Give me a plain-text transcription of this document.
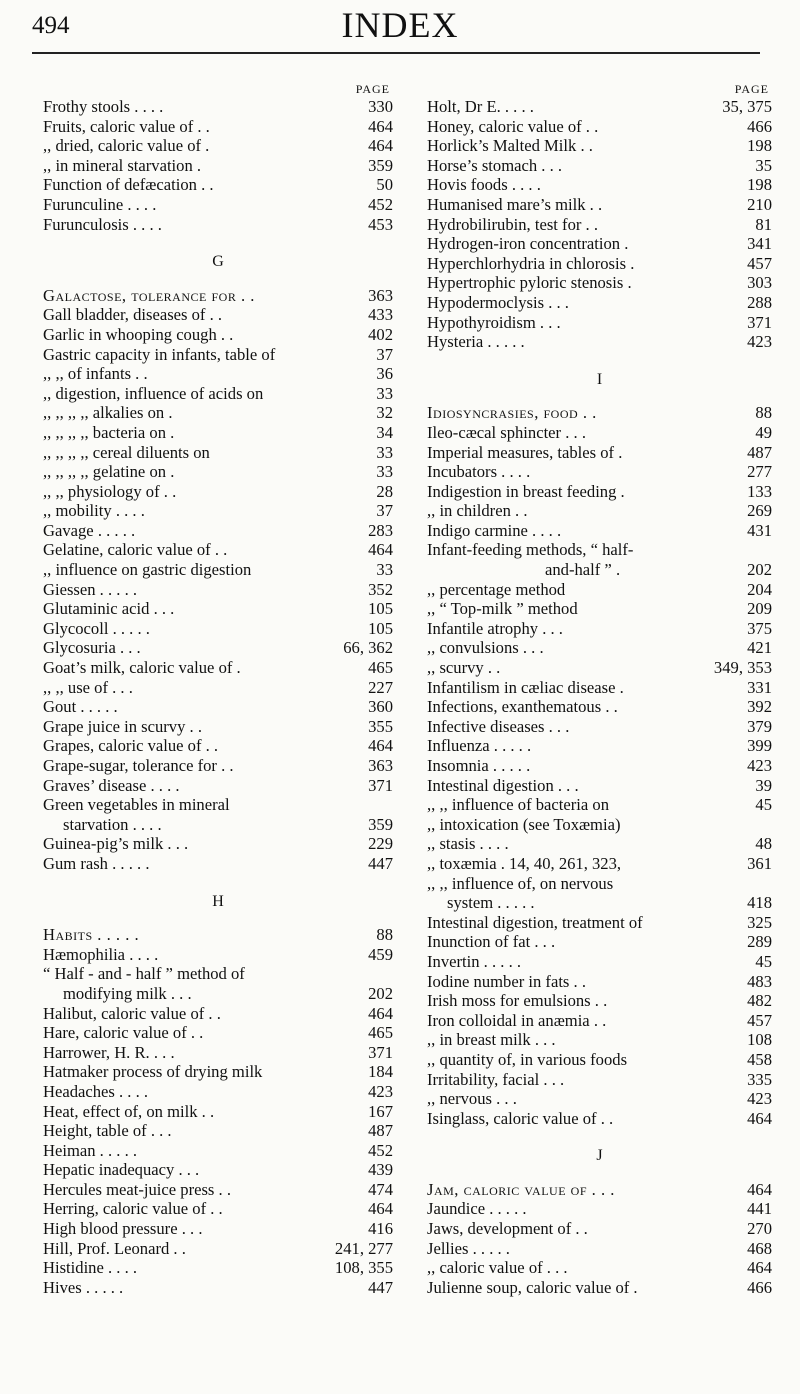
494	INDEX
PAGE
Frothy stools . . . .	330
Fruits, caloric value of . .	464
,, dried, caloric value of .	464
,, in mineral starvation .	359
Function of defæcation . .	50
Furunculine . . . .	452
Furunculosis . . . .	453
G
Galactose, tolerance for . .	363
Gall bladder, diseases of . .	433
Garlic in whooping cough . .	402
Gastric capacity in infants, table of	37
,, ,, of infants . .	36
,, digestion, influence of acids on	33
,, ,, ,, ,, alkalies on .	32
,, ,, ,, ,, bacteria on .	34
,, ,, ,, ,, cereal diluents on	33
,, ,, ,, ,, gelatine on .	33
,, ,, physiology of . .	28
,, mobility . . . .	37
Gavage . . . . .	283
Gelatine, caloric value of . .	464
,, influence on gastric digestion	33
Giessen . . . . .	352
Glutaminic acid . . .	105
Glycocoll . . . . .	105
Glycosuria . . .	66, 362
Goat’s milk, caloric value of .	465
,, ,, use of . . .	227
Gout . . . . .	360
Grape juice in scurvy . .	355
Grapes, caloric value of . .	464
Grape-sugar, tolerance for . .	363
Graves’ disease . . . .	371
Green vegetables in mineral
starvation . . . .	359
Guinea-pig’s milk . . .	229
Gum rash . . . . .	447
H
Habits . . . . .	88
Hæmophilia . . . .	459
“ Half - and - half ” method of
modifying milk . . .	202
Halibut, caloric value of . .	464
Hare, caloric value of . .	465
Harrower, H. R. . . .	371
Hatmaker process of drying milk	184
Headaches . . . .	423
Heat, effect of, on milk . .	167
Height, table of . . .	487
Heiman . . . . .	452
Hepatic inadequacy . . .	439
Hercules meat-juice press . .	474
Herring, caloric value of . .	464
High blood pressure . . .	416
Hill, Prof. Leonard . .	241, 277
Histidine . . . .	108, 355
Hives . . . . .	447
PAGE
Holt, Dr E. . . . .	35, 375
Honey, caloric value of . .	466
Horlick’s Malted Milk . .	198
Horse’s stomach . . .	35
Hovis foods . . . .	198
Humanised mare’s milk . .	210
Hydrobilirubin, test for . .	81
Hydrogen-iron concentration .	341
Hyperchlorhydria in chlorosis .	457
Hypertrophic pyloric stenosis .	303
Hypodermoclysis . . .	288
Hypothyroidism . . .	371
Hysteria . . . . .	423
I
Idiosyncrasies, food . .	88
Ileo-cæcal sphincter . . .	49
Imperial measures, tables of .	487
Incubators . . . .	277
Indigestion in breast feeding .	133
,, in children . .	269
Indigo carmine . . . .	431
Infant-feeding methods, “ half-
and-half ” .	202
,, percentage method	204
,, “ Top-milk ” method	209
Infantile atrophy . . .	375
,, convulsions . . .	421
,, scurvy . .	349, 353
Infantilism in cæliac disease .	331
Infections, exanthematous . .	392
Infective diseases . . .	379
Influenza . . . . .	399
Insomnia . . . . .	423
Intestinal digestion . . .	39
,, ,, influence of bacteria on	45
,, intoxication (see Toxæmia)
,, stasis . . . .	48
,, toxæmia . 14, 40, 261, 323,	361
,, ,, influence of, on nervous
system . . . . .	418
Intestinal digestion, treatment of	325
Inunction of fat . . .	289
Invertin . . . . .	45
Iodine number in fats . .	483
Irish moss for emulsions . .	482
Iron colloidal in anæmia . .	457
,, in breast milk . . .	108
,, quantity of, in various foods	458
Irritability, facial . . .	335
,, nervous . . .	423
Isinglass, caloric value of . .	464
J
Jam, caloric value of . . .	464
Jaundice . . . . .	441
Jaws, development of . .	270
Jellies . . . . .	468
,, caloric value of . . .	464
Julienne soup, caloric value of .	466
